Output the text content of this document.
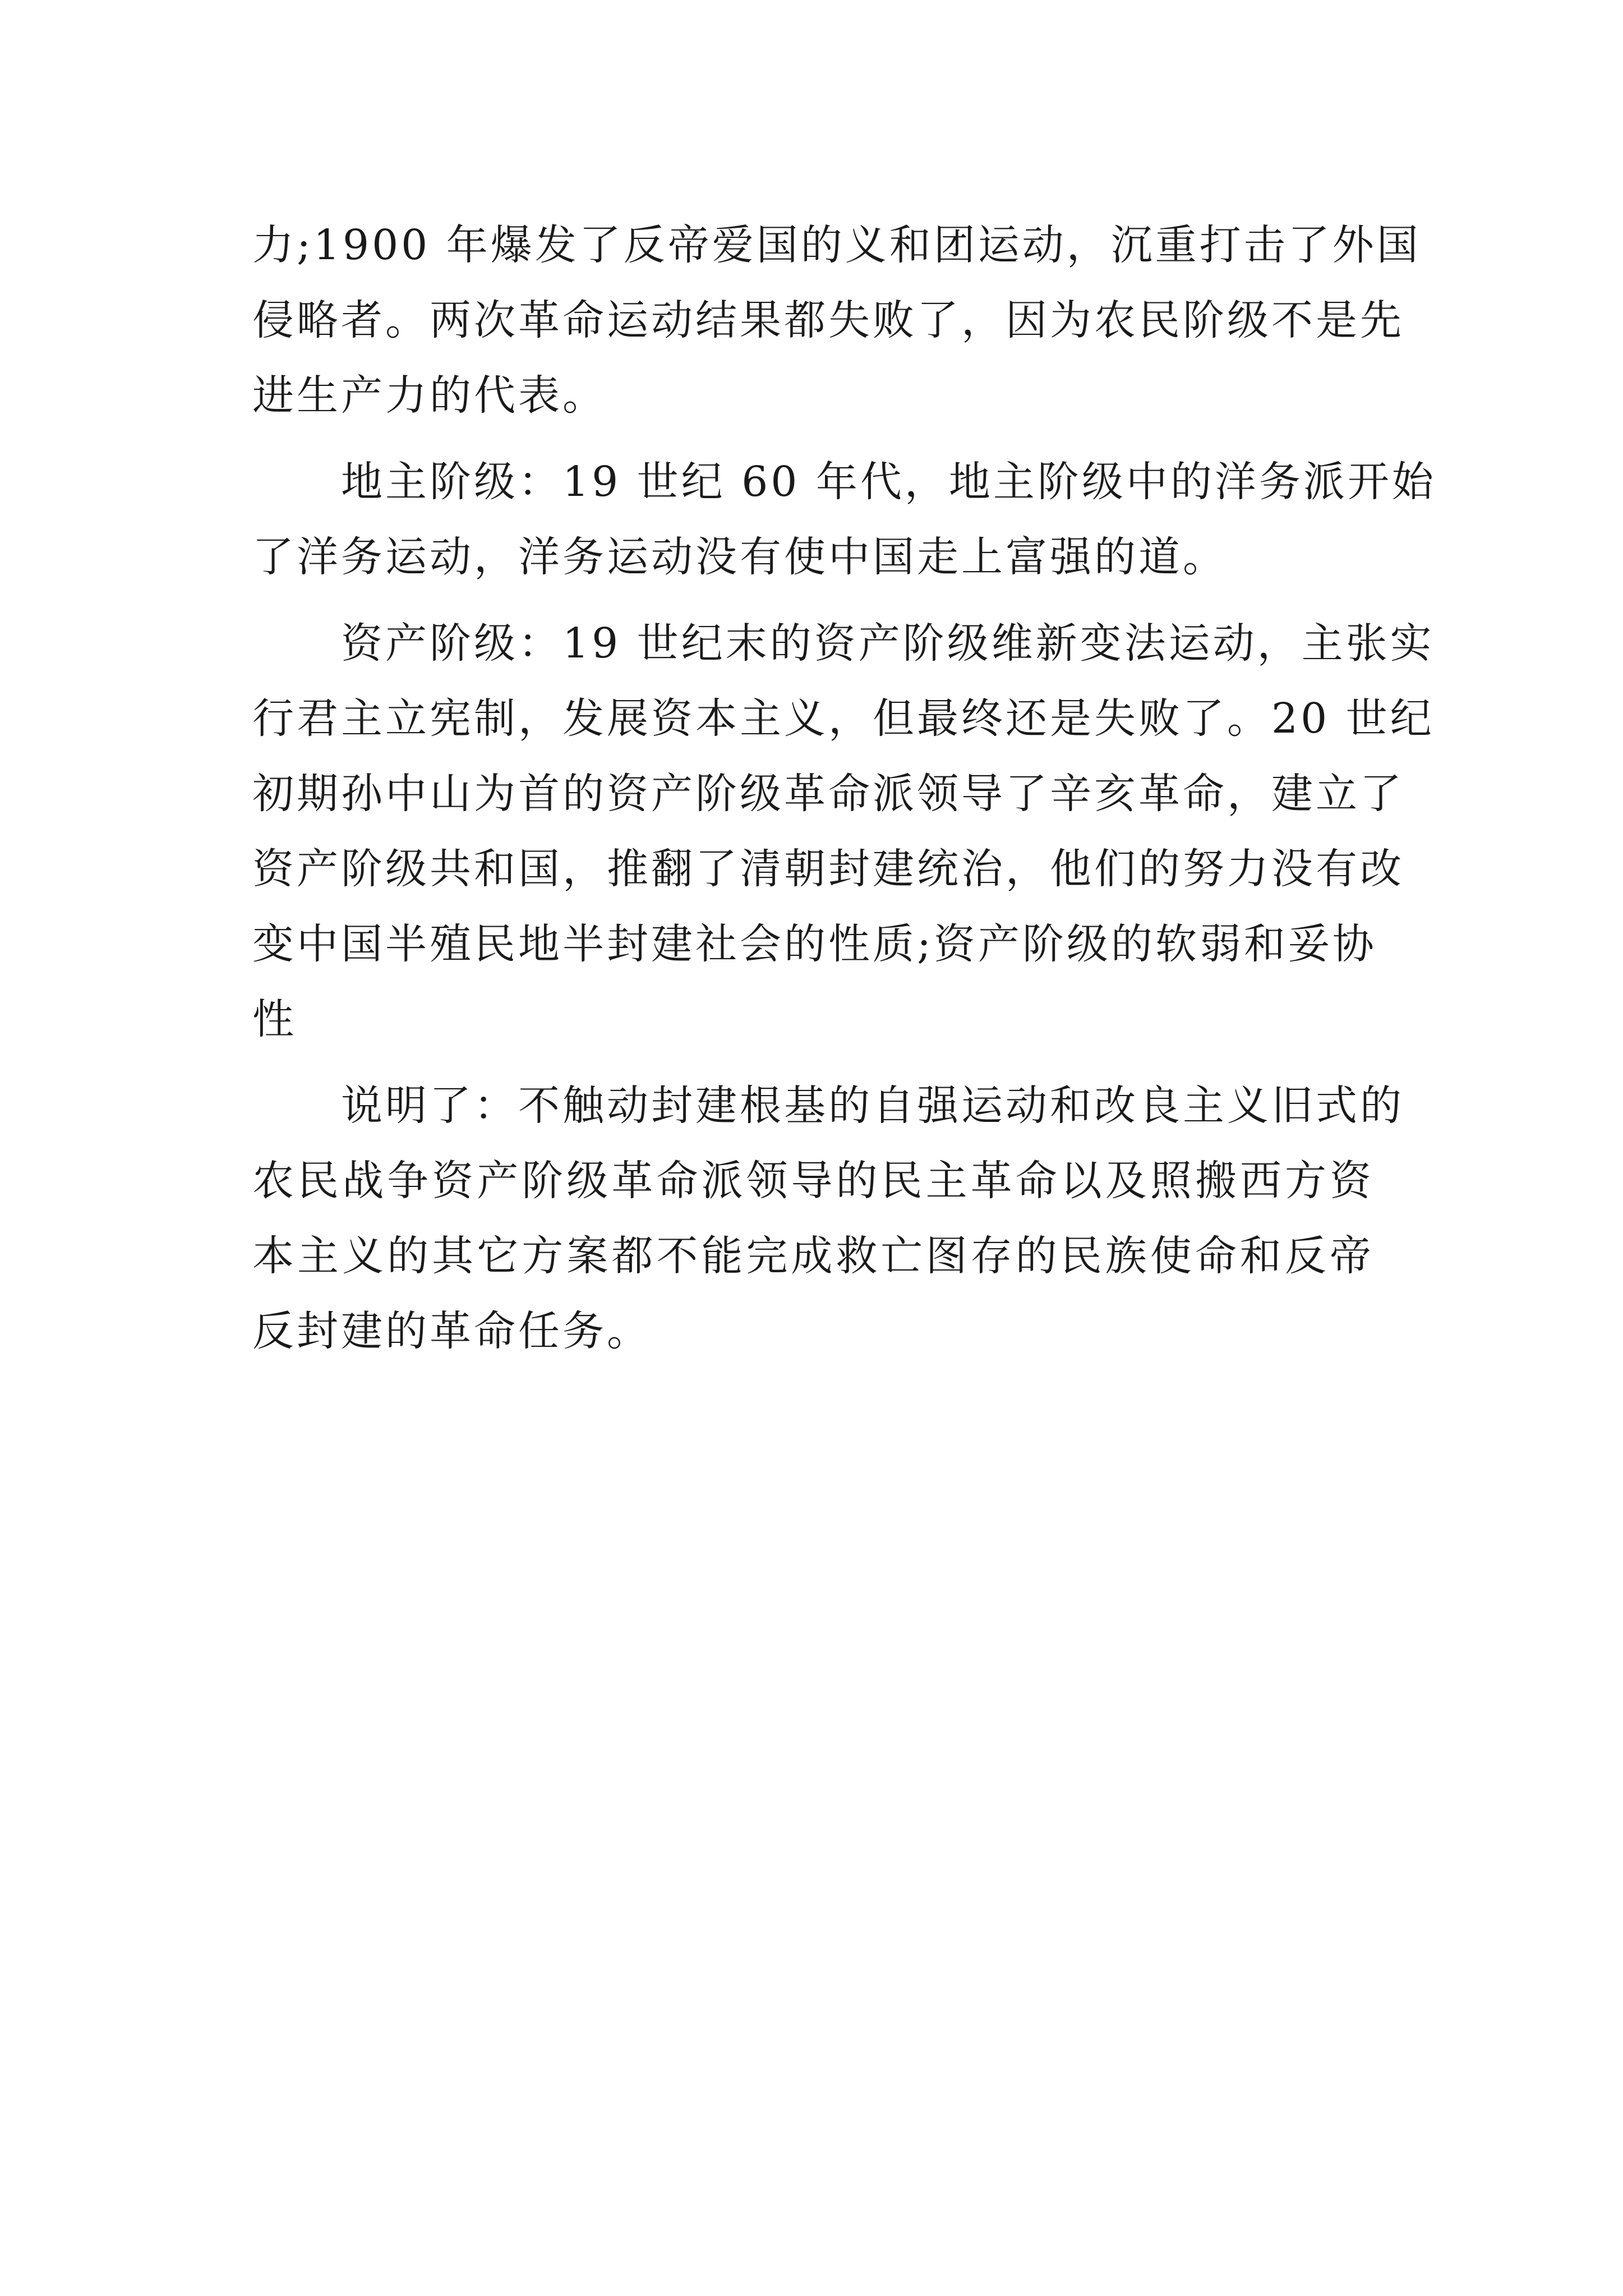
力;1900 年爆发了反帝爱国的义和团运动，沉重打击了外国
侵略者。两次革命运动结果都失败了，因为农民阶级不是先
进生产力的代表。
　　地主阶级：19 世纪 60 年代，地主阶级中的洋务派开始
了洋务运动，洋务运动没有使中国走上富强的道。
　　资产阶级：19 世纪末的资产阶级维新变法运动，主张实
行君主立宪制，发展资本主义，但最终还是失败了。20 世纪
初期孙中山为首的资产阶级革命派领导了辛亥革命，建立了
资产阶级共和国，推翻了清朝封建统治，他们的努力没有改
变中国半殖民地半封建社会的性质;资产阶级的软弱和妥协
性
　　说明了：不触动封建根基的自强运动和改良主义旧式的
农民战争资产阶级革命派领导的民主革命以及照搬西方资
本主义的其它方案都不能完成救亡图存的民族使命和反帝
反封建的革命任务。
